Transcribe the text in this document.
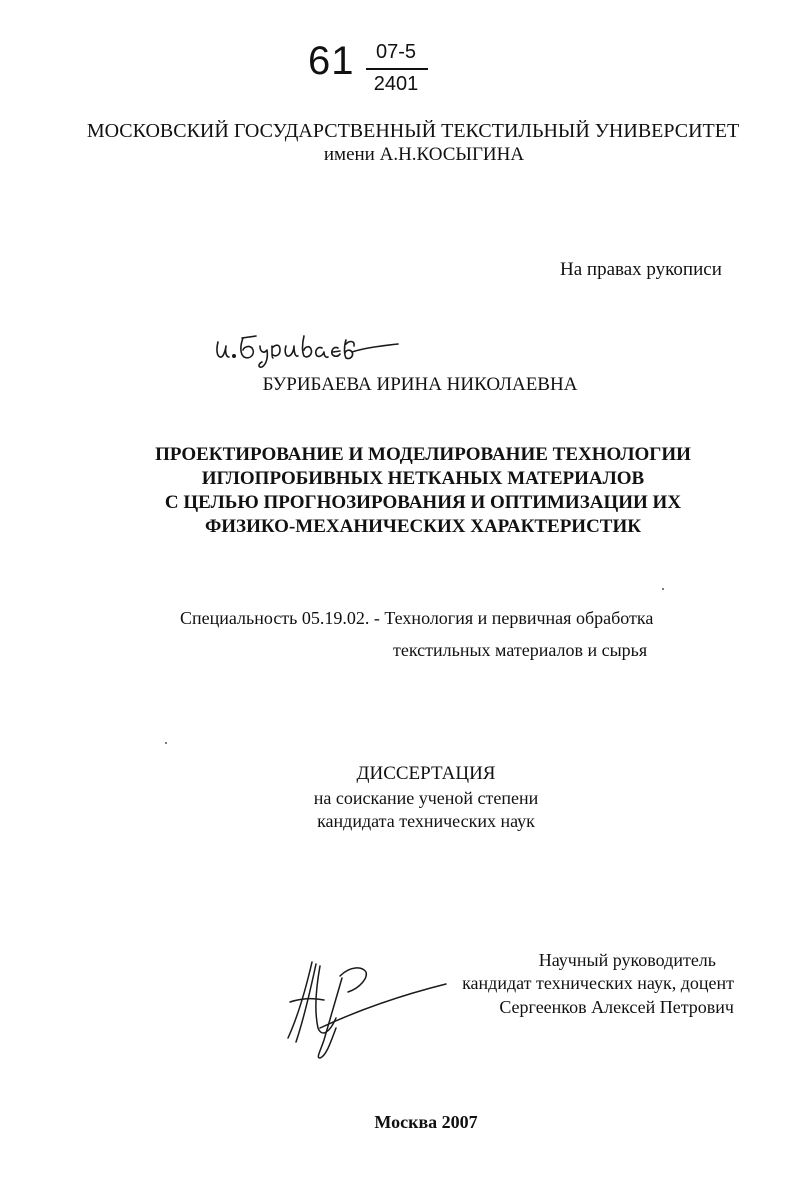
61	07-5
2401
МОСКОВСКИЙ ГОСУДАРСТВЕННЫЙ ТЕКСТИЛЬНЫЙ УНИВЕРСИТЕТ
имени А.Н.КОСЫГИНА
На правах рукописи
БУРИБАЕВА ИРИНА НИКОЛАЕВНА
ПРОЕКТИРОВАНИЕ И МОДЕЛИРОВАНИЕ ТЕХНОЛОГИИ
ИГЛОПРОБИВНЫХ НЕТКАНЫХ МАТЕРИАЛОВ
С ЦЕЛЬЮ ПРОГНОЗИРОВАНИЯ И ОПТИМИЗАЦИИ ИХ
ФИЗИКО-МЕХАНИЧЕСКИХ ХАРАКТЕРИСТИК
Специальность 05.19.02. - Технология и первичная обработка
текстильных материалов и сырья
ДИССЕРТАЦИЯ
на соискание ученой степени
кандидата технических наук
Научный руководитель
кандидат технических наук, доцент
Сергеенков Алексей Петрович
Москва 2007
